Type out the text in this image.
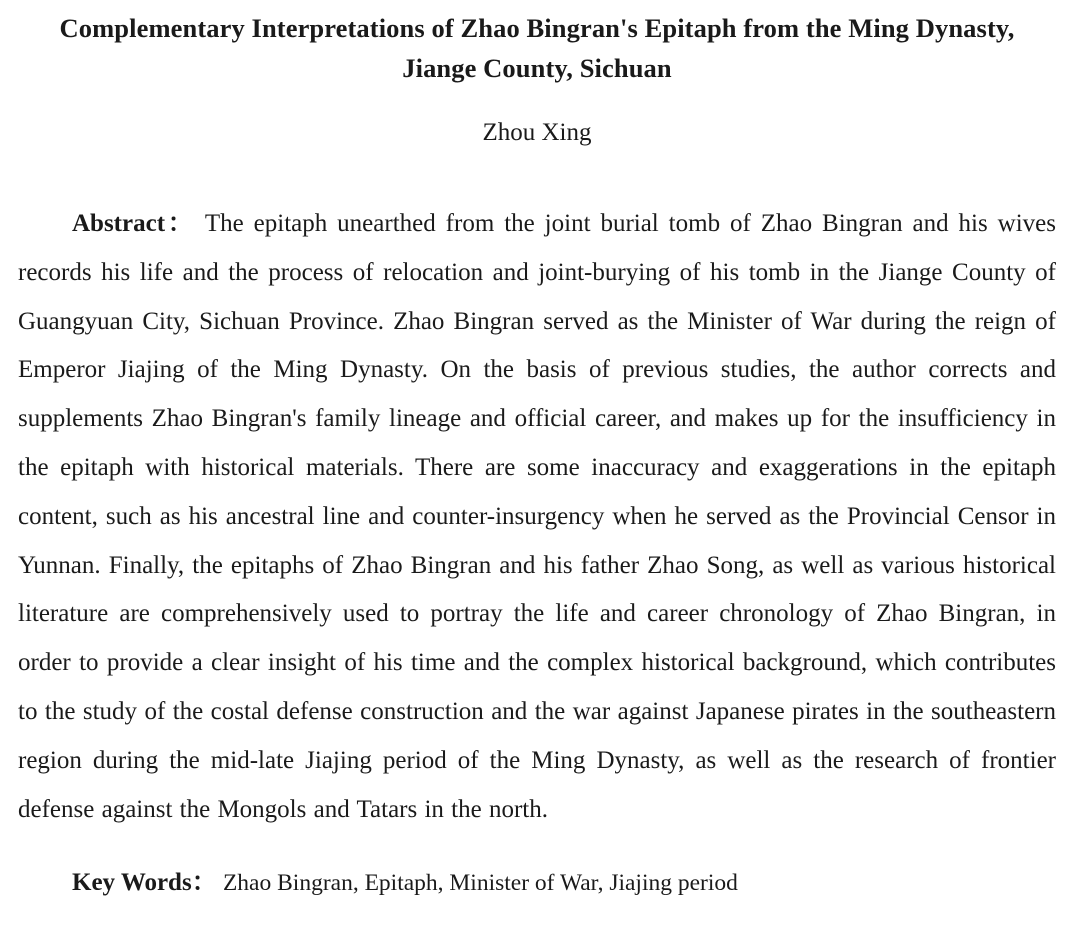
Complementary Interpretations of Zhao Bingran's Epitaph from the Ming Dynasty,
Jiange County, Sichuan
Zhou Xing

Abstract： The epitaph unearthed from the joint burial tomb of Zhao Bingran and his wives records his life and the process of relocation and joint-burying of his tomb in the Jiange County of Guangyuan City, Sichuan Province. Zhao Bingran served as the Minister of War during the reign of Emperor Jiajing of the Ming Dynasty. On the basis of previous studies, the author corrects and supplements Zhao Bingran's family lineage and official career, and makes up for the insufficiency in the epitaph with historical materials. There are some inaccuracy and exaggerations in the epitaph content, such as his ancestral line and counter-insurgency when he served as the Provincial Censor in Yunnan. Finally, the epitaphs of Zhao Bingran and his father Zhao Song, as well as various historical literature are comprehensively used to portray the life and career chronology of Zhao Bingran, in order to provide a clear insight of his time and the complex historical background, which contributes to the study of the costal defense construction and the war against Japanese pirates in the southeastern region during the mid-late Jiajing period of the Ming Dynasty, as well as the research of frontier defense against the Mongols and Tatars in the north.

Key Words： Zhao Bingran, Epitaph, Minister of War, Jiajing period
